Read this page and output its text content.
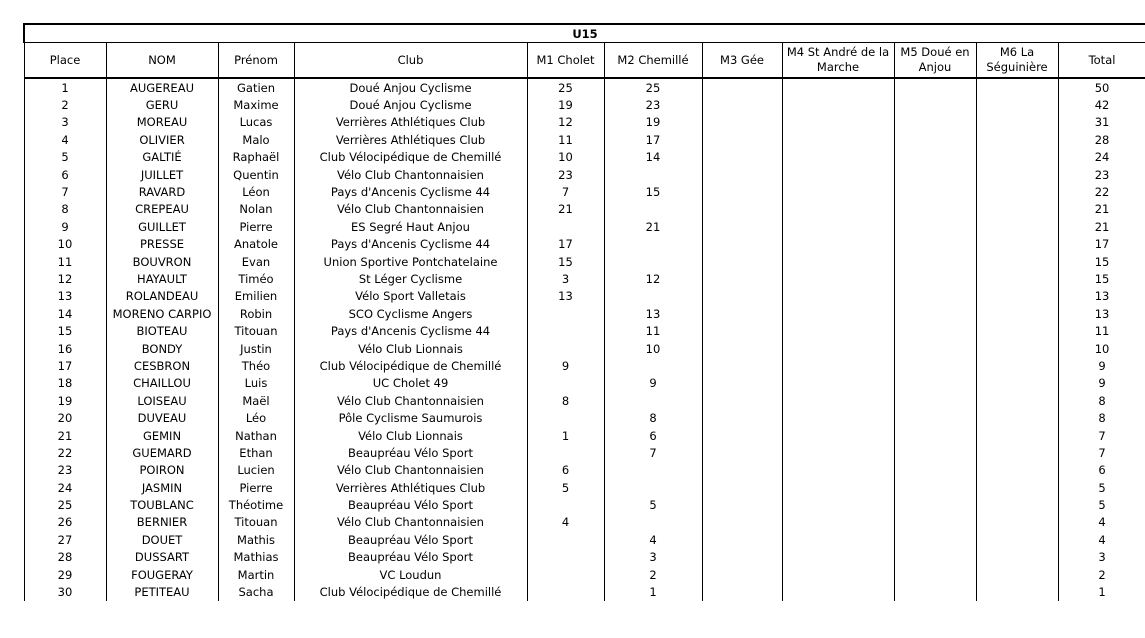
U15										
Place	NOM	Prénom	Club	M1 Cholet	M2 Chemillé	M3 Gée	M4 St André de la Marche	M5 Doué en Anjou	M6 La Séguinière	Total
1	AUGEREAU	Gatien	Doué Anjou Cyclisme	25	25					50
2	GERU	Maxime	Doué Anjou Cyclisme	19	23					42
3	MOREAU	Lucas	Verrières Athlétiques Club	12	19					31
4	OLIVIER	Malo	Verrières Athlétiques Club	11	17					28
5	GALTIÉ	Raphaël	Club Vélocipédique de Chemillé	10	14					24
6	JUILLET	Quentin	Vélo Club Chantonnaisien	23						23
7	RAVARD	Léon	Pays d'Ancenis Cyclisme 44	7	15					22
8	CREPEAU	Nolan	Vélo Club Chantonnaisien	21						21
9	GUILLET	Pierre	ES Segré Haut Anjou		21					21
10	PRESSE	Anatole	Pays d'Ancenis Cyclisme 44	17						17
11	BOUVRON	Evan	Union Sportive Pontchatelaine	15						15
12	HAYAULT	Timéo	St Léger Cyclisme	3	12					15
13	ROLANDEAU	Emilien	Vélo Sport Valletais	13						13
14	MORENO CARPIO	Robin	SCO Cyclisme Angers		13					13
15	BIOTEAU	Titouan	Pays d'Ancenis Cyclisme 44		11					11
16	BONDY	Justin	Vélo Club Lionnais		10					10
17	CESBRON	Théo	Club Vélocipédique de Chemillé	9						9
18	CHAILLOU	Luis	UC Cholet 49		9					9
19	LOISEAU	Maël	Vélo Club Chantonnaisien	8						8
20	DUVEAU	Léo	Pôle Cyclisme Saumurois		8					8
21	GEMIN	Nathan	Vélo Club Lionnais	1	6					7
22	GUEMARD	Ethan	Beaupréau Vélo Sport		7					7
23	POIRON	Lucien	Vélo Club Chantonnaisien	6						6
24	JASMIN	Pierre	Verrières Athlétiques Club	5						5
25	TOUBLANC	Théotime	Beaupréau Vélo Sport		5					5
26	BERNIER	Titouan	Vélo Club Chantonnaisien	4						4
27	DOUET	Mathis	Beaupréau Vélo Sport		4					4
28	DUSSART	Mathias	Beaupréau Vélo Sport		3					3
29	FOUGERAY	Martin	VC Loudun		2					2
30	PETITEAU	Sacha	Club Vélocipédique de Chemillé		1					1
